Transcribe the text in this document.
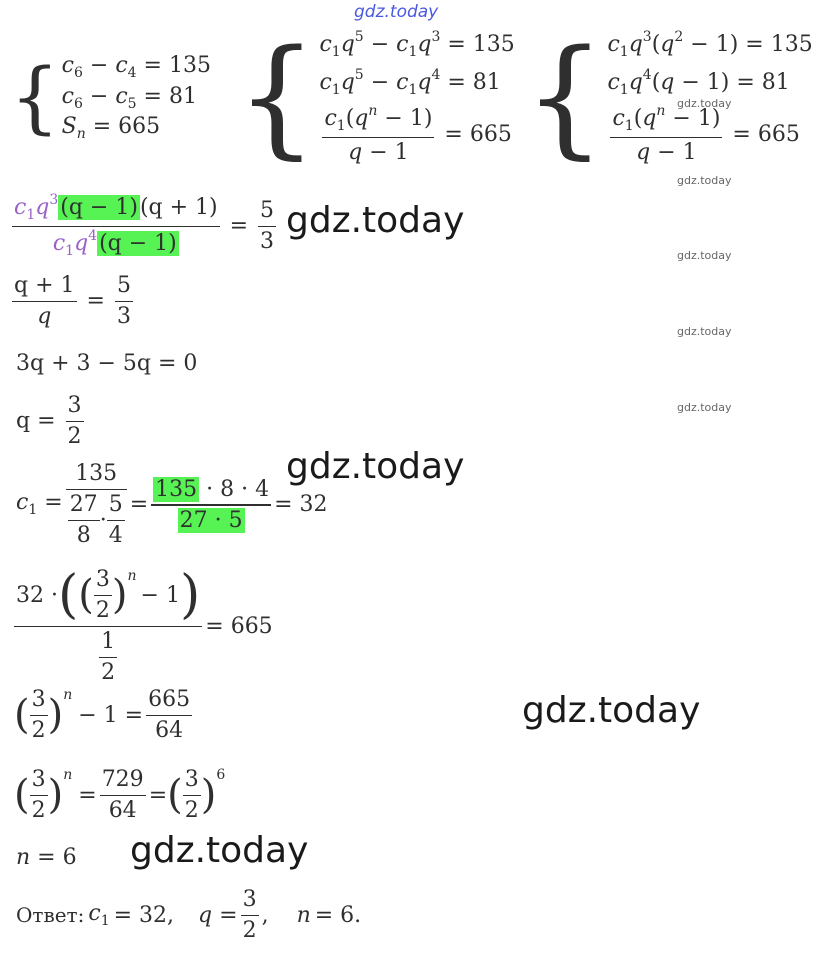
gdz.today
{ $c_6 - c_4 = 135$
$c_6 - c_5 = 81$
$S_n = 665$ { $c_1q^5 - c_1q^3 = 135$
$c_1q^5 - c_1q^4 = 81$
$\frac{c_1(q^n - 1)}{q - 1} = 665$ { $c_1q^3(q^2 - 1) = 135$
$c_1q^4(q - 1) = 81$
$\frac{c_1(q^n - 1)}{q - 1} = 665$
gdz.today
gdz.today
gdz.today
gdz.today
gdz.today
$\frac{c_1q^3(q - 1)(q + 1)}{c_1q^4(q - 1)} = \frac{5}{3}$ gdz.today
$\frac{q + 1}{q} = \frac{5}{3}$
3q + 3 − 5q = 0
$q = \frac{3}{2}$
$c_1 = \frac{135}{\frac{27}{8} \cdot \frac{5}{4}} = \frac{135 \cdot 8 \cdot 4}{27 \cdot 5} = 32$
gdz.today
32 · ( ( $\frac{3}{2}$ ) n
− 1 )
$\frac{1}{2}$
= 665
( $\frac{3}{2}$ ) n
− $1 = \frac{665}{64}$	gdz.today
( $\frac{3}{2}$ ) n
= $\frac{729}{64}$ = ( $\frac{3}{2}$ ) 6
n = 6 gdz.today
Ответ: $c_1 = 32$, $q = \frac{3}{2}$ , n = 6.
